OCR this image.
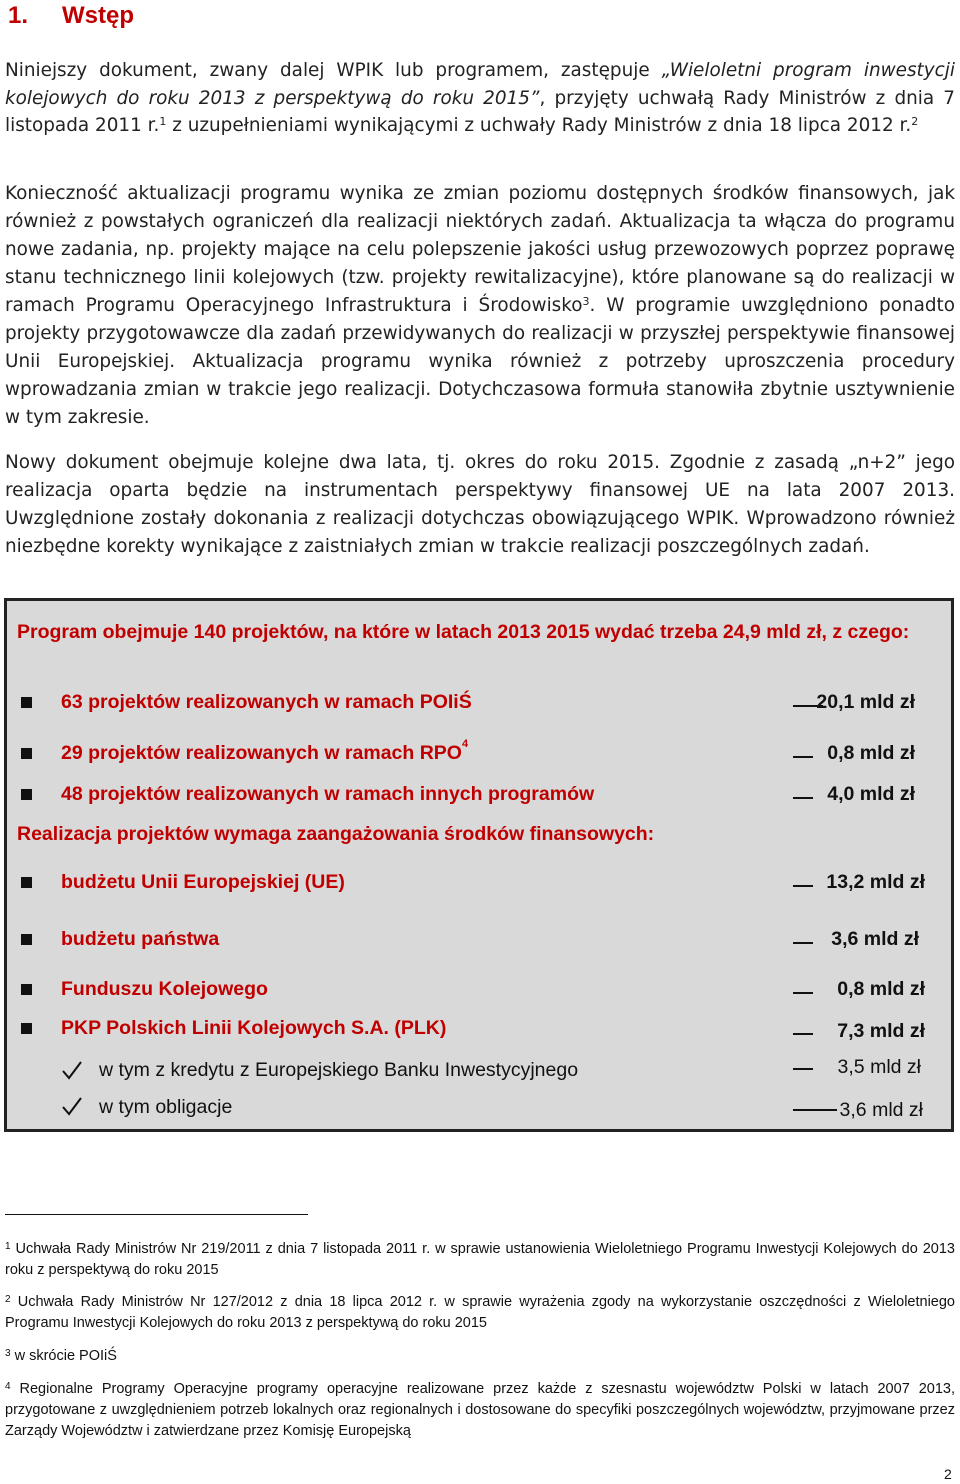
1. Wstęp
Niniejszy dokument, zwany dalej WPIK lub programem, zastępuje „Wieloletni program inwestycji kolejowych do roku 2013 z perspektywą do roku 2015”, przyjęty uchwałą Rady Ministrów z dnia 7 listopada 2011 r.$^1$ z uzupełnieniami wynikającymi z uchwały Rady Ministrów z dnia 18 lipca 2012 r.$^2$
Konieczność aktualizacji programu wynika ze zmian poziomu dostępnych środków finansowych, jak również z powstałych ograniczeń dla realizacji niektórych zadań. Aktualizacja ta włącza do programu nowe zadania, np. projekty mające na celu polepszenie jakości usług przewozowych poprzez poprawę stanu technicznego linii kolejowych (tzw. projekty rewitalizacyjne), które planowane są do realizacji w ramach Programu Operacyjnego Infrastruktura i Środowisko$^3$. W programie uwzględniono ponadto projekty przygotowawcze dla zadań przewidywanych do realizacji w przyszłej perspektywie finansowej Unii Europejskiej. Aktualizacja programu wynika również z potrzeby uproszczenia procedury wprowadzania zmian w trakcie jego realizacji. Dotychczasowa formuła stanowiła zbytnie usztywnienie w tym zakresie.
Nowy dokument obejmuje kolejne dwa lata, tj. okres do roku 2015. Zgodnie z zasadą „n+2” jego realizacja oparta będzie na instrumentach perspektywy finansowej UE na lata 2007 2013. Uwzględnione zostały dokonania z realizacji dotychczas obowiązującego WPIK. Wprowadzono również niezbędne korekty wynikające z zaistniałych zmian w trakcie realizacji poszczególnych zadań.
Program obejmuje 140 projektów, na które w latach 2013 2015 wydać trzeba 24,9 mld zł, z czego:
63 projektów realizowanych w ramach POIiŚ	20,1 mld zł
29 projektów realizowanych w ramach RPO$^4$	0,8 mld zł
48 projektów realizowanych w ramach innych programów	4,0 mld zł
Realizacja projektów wymaga zaangażowania środków finansowych:
budżetu Unii Europejskiej (UE)	13,2 mld zł
budżetu państwa	3,6 mld zł
Funduszu Kolejowego	0,8 mld zł
PKP Polskich Linii Kolejowych S.A. (PLK)	7,3 mld zł
w tym z kredytu z Europejskiego Banku Inwestycyjnego	3,5 mld zł
w tym obligacje	3,6 mld zł
$^1$ Uchwała Rady Ministrów Nr 219/2011 z dnia 7 listopada 2011 r. w sprawie ustanowienia Wieloletniego Programu Inwestycji Kolejowych do 2013 roku z perspektywą do roku 2015
$^2$ Uchwała Rady Ministrów Nr 127/2012 z dnia 18 lipca 2012 r. w sprawie wyrażenia zgody na wykorzystanie oszczędności z Wieloletniego Programu Inwestycji Kolejowych do roku 2013 z perspektywą do roku 2015
$^3$ w skrócie POIiŚ
$^4$ Regionalne Programy Operacyjne programy operacyjne realizowane przez każde z szesnastu województw Polski w latach 2007 2013, przygotowane z uwzględnieniem potrzeb lokalnych oraz regionalnych i dostosowane do specyfiki poszczególnych województw, przyjmowane przez Zarządy Województw i zatwierdzane przez Komisję Europejską
2
